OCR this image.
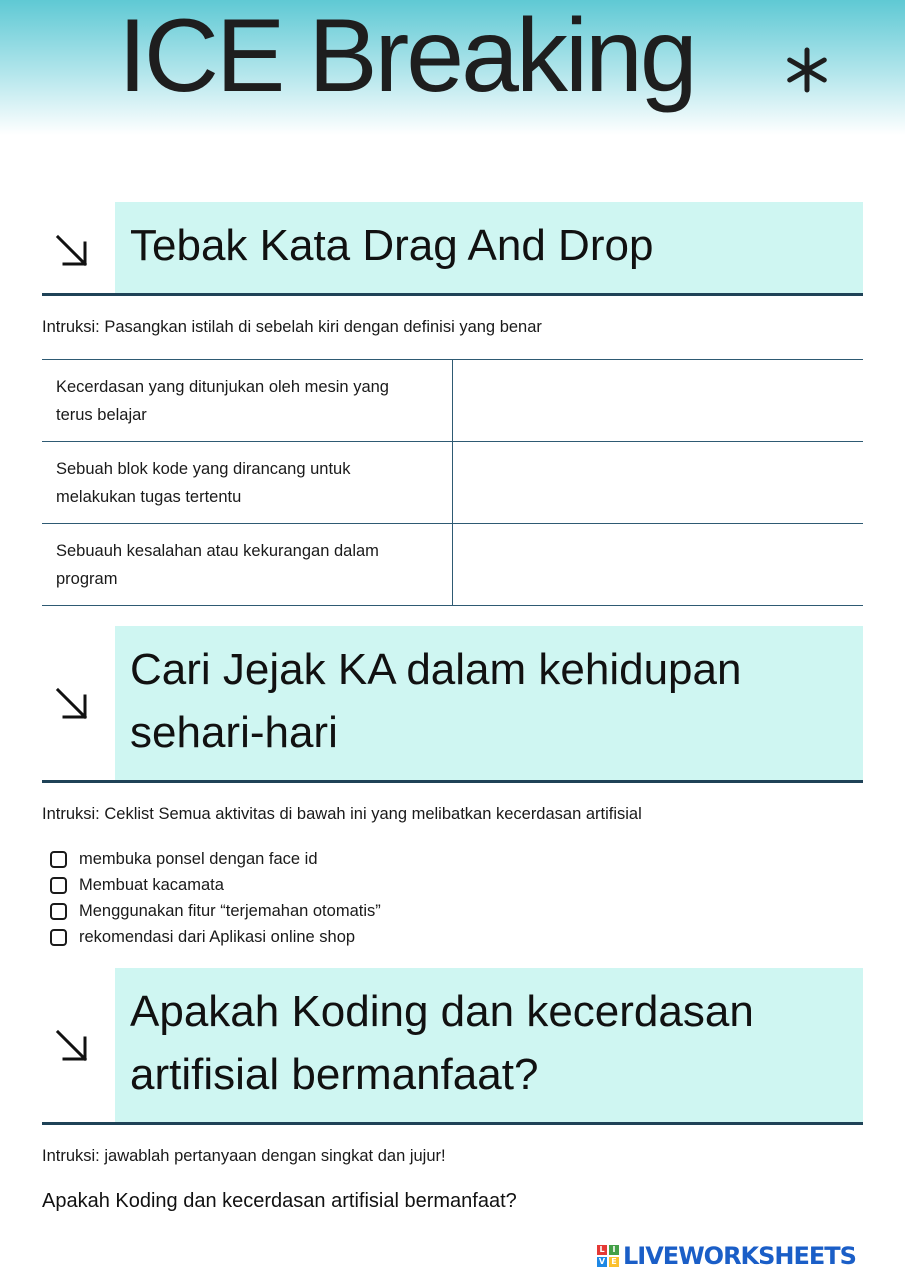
ICE Breaking
Tebak Kata Drag And Drop
Intruksi: Pasangkan istilah di sebelah kiri dengan definisi yang benar
Kecerdasan yang ditunjukan oleh mesin yang terus belajar	
Sebuah blok kode yang dirancang untuk melakukan tugas tertentu	
Sebuauh kesalahan atau kekurangan dalam program	
Cari Jejak KA dalam kehidupan sehari-hari
Intruksi: Ceklist Semua aktivitas di bawah ini yang melibatkan kecerdasan artifisial
membuka ponsel dengan face id
Membuat kacamata
Menggunakan fitur “terjemahan otomatis”
rekomendasi dari Aplikasi online shop
Apakah Koding dan kecerdasan artifisial bermanfaat?
Intruksi: jawablah pertanyaan dengan singkat dan jujur!
Apakah Koding dan kecerdasan artifisial bermanfaat?
L I
V E LIVEWORKSHEETS
